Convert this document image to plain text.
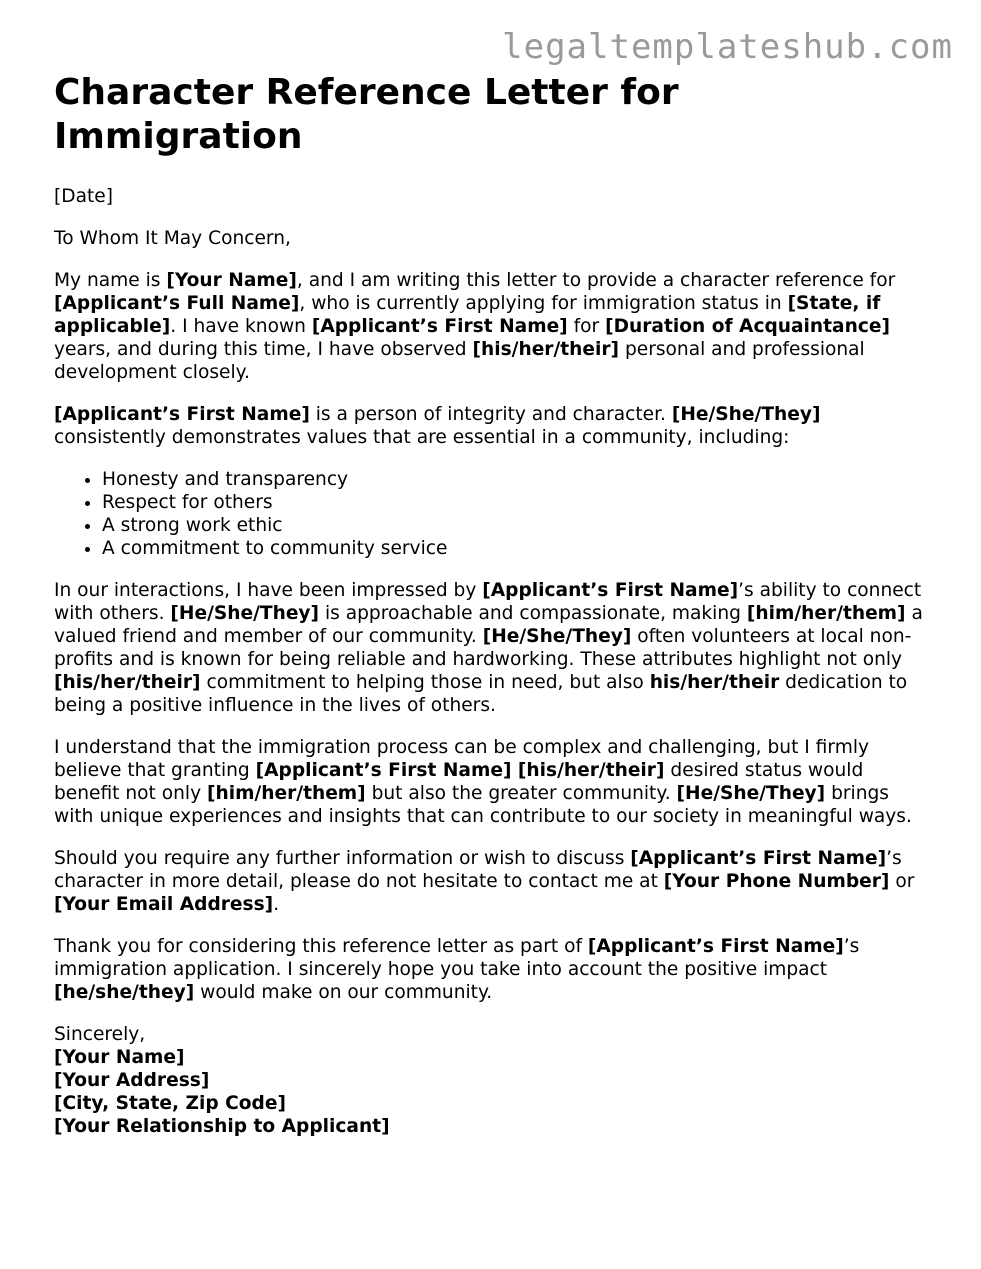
legaltemplateshub.com
Character Reference Letter for Immigration

[Date]

To Whom It May Concern,

My name is [Your Name], and I am writing this letter to provide a character reference for [Applicant’s Full Name], who is currently applying for immigration status in [State, if applicable]. I have known [Applicant’s First Name] for [Duration of Acquaintance] years, and during this time, I have observed [his/her/their] personal and professional development closely.

[Applicant’s First Name] is a person of integrity and character. [He/She/They] consistently demonstrates values that are essential in a community, including:

• Honesty and transparency
• Respect for others
• A strong work ethic
• A commitment to community service

In our interactions, I have been impressed by [Applicant’s First Name]’s ability to connect with others. [He/She/They] is approachable and compassionate, making [him/her/them] a valued friend and member of our community. [He/She/They] often volunteers at local non-profits and is known for being reliable and hardworking. These attributes highlight not only [his/her/their] commitment to helping those in need, but also his/her/their dedication to being a positive influence in the lives of others.

I understand that the immigration process can be complex and challenging, but I firmly believe that granting [Applicant’s First Name] [his/her/their] desired status would benefit not only [him/her/them] but also the greater community. [He/She/They] brings with unique experiences and insights that can contribute to our society in meaningful ways.

Should you require any further information or wish to discuss [Applicant’s First Name]’s character in more detail, please do not hesitate to contact me at [Your Phone Number] or [Your Email Address].

Thank you for considering this reference letter as part of [Applicant’s First Name]’s immigration application. I sincerely hope you take into account the positive impact [he/she/they] would make on our community.

Sincerely,
[Your Name]
[Your Address]
[City, State, Zip Code]
[Your Relationship to Applicant]
